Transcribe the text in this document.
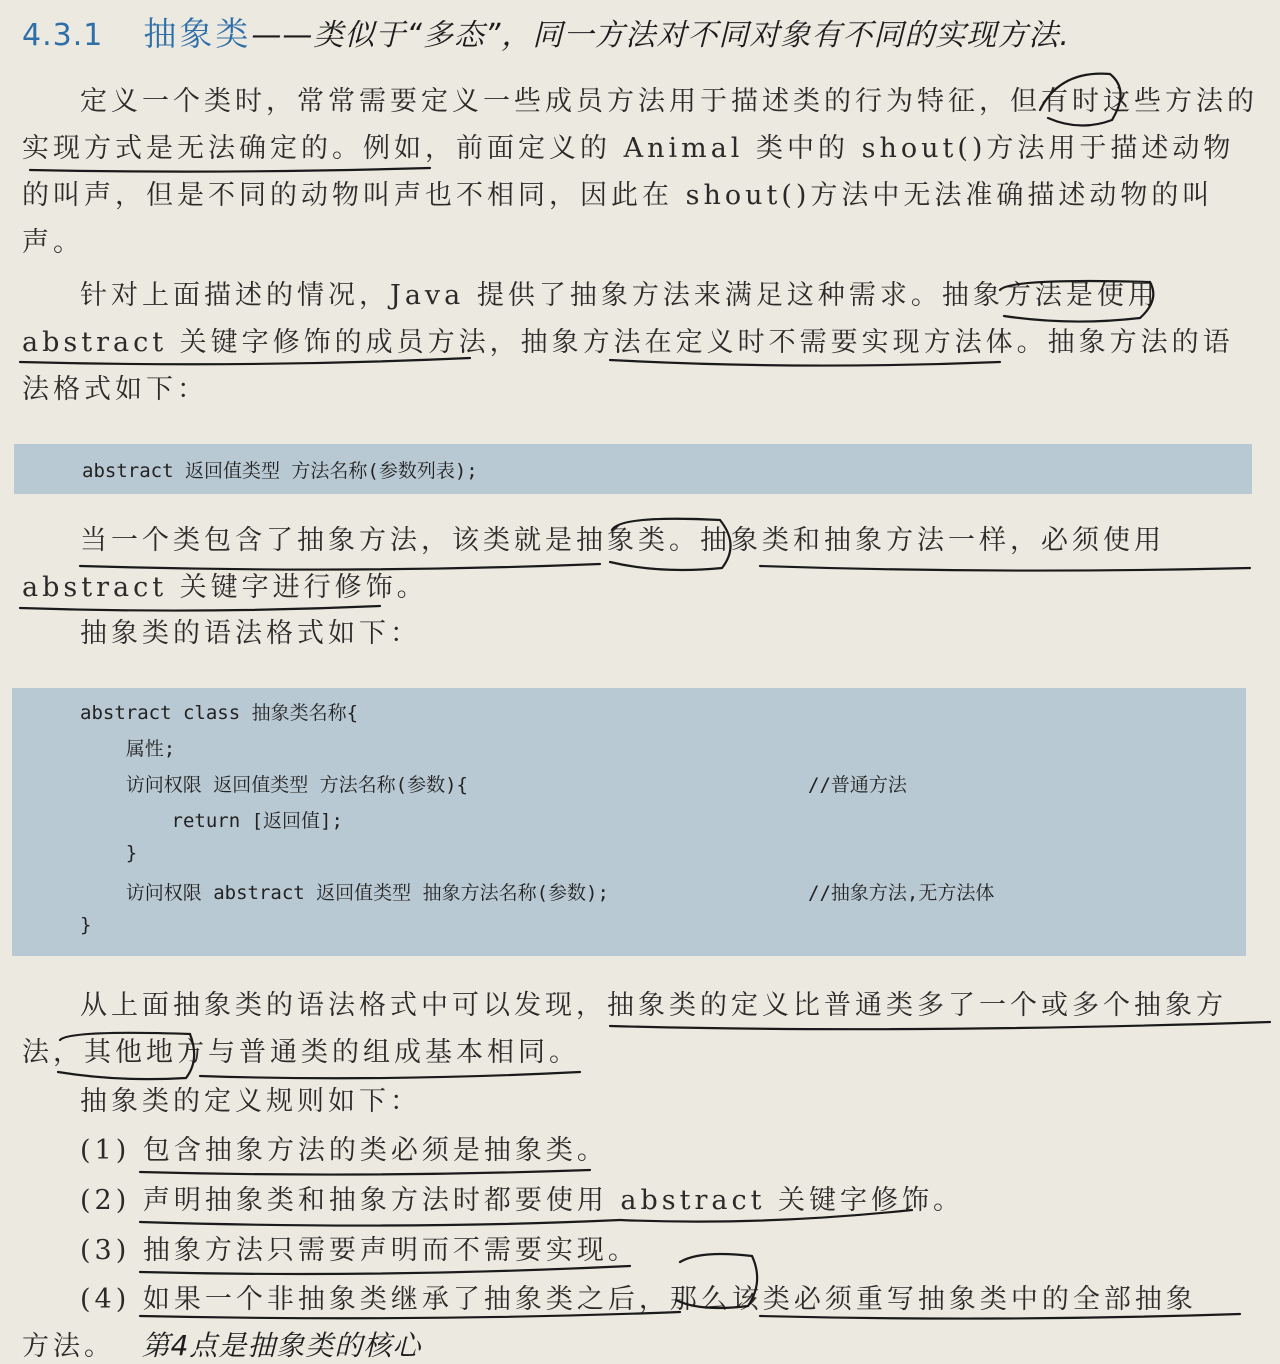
4.3.1 抽象类——类似于“多态”，同一方法对不同对象有不同的实现方法.

定义一个类时，常常需要定义一些成员方法用于描述类的行为特征，但有时这些方法的实现方式是无法确定的。例如，前面定义的 Animal 类中的 shout()方法用于描述动物的叫声，但是不同的动物叫声也不相同，因此在 shout()方法中无法准确描述动物的叫声。

针对上面描述的情况，Java 提供了抽象方法来满足这种需求。抽象方法是使用 abstract 关键字修饰的成员方法，抽象方法在定义时不需要实现方法体。抽象方法的语法格式如下：

abstract 返回值类型 方法名称(参数列表);

当一个类包含了抽象方法，该类就是抽象类。抽象类和抽象方法一样，必须使用 abstract 关键字进行修饰。

抽象类的语法格式如下：

abstract class 抽象类名称{
属性;
访问权限 返回值类型 方法名称(参数){
return [返回值];
}
访问权限 abstract 返回值类型 抽象方法名称(参数);
}
//普通方法
//抽象方法,无方法体

从上面抽象类的语法格式中可以发现，抽象类的定义比普通类多了一个或多个抽象方法，其他地方与普通类的组成基本相同。

抽象类的定义规则如下：

(1) 包含抽象方法的类必须是抽象类。
(2) 声明抽象类和抽象方法时都要使用 abstract 关键字修饰。
(3) 抽象方法只需要声明而不需要实现。
(4) 如果一个非抽象类继承了抽象类之后，那么该类必须重写抽象类中的全部抽象
方法。 第4点是抽象类的核心
